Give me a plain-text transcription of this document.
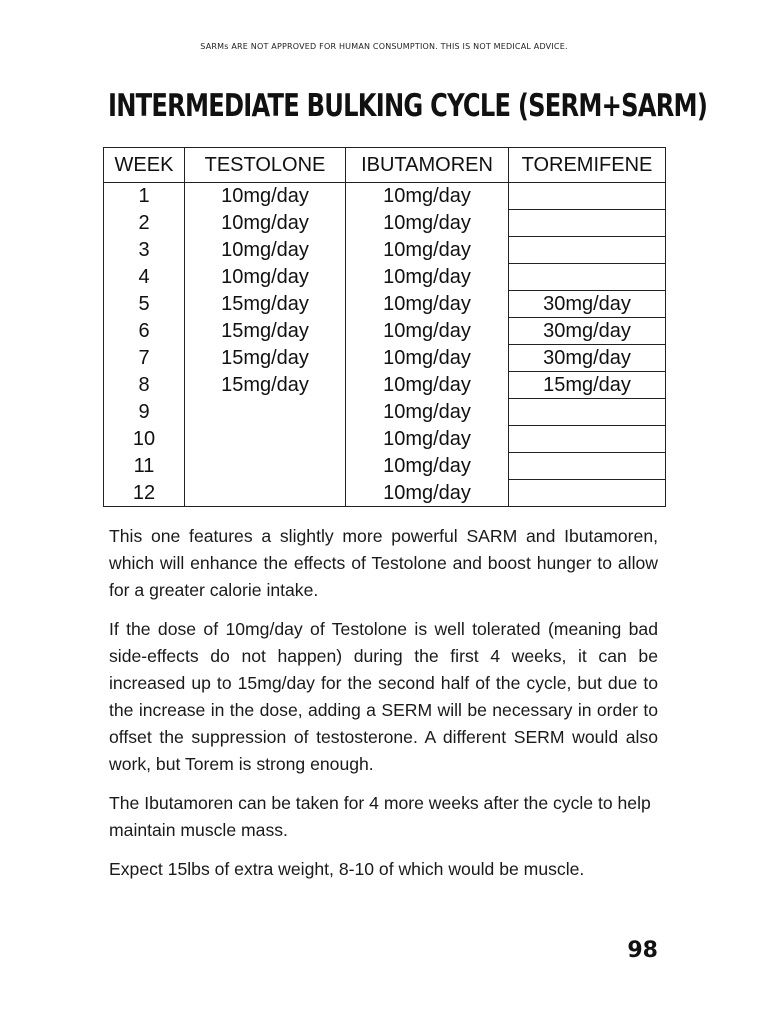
SARMs ARE NOT APPROVED FOR HUMAN CONSUMPTION. THIS IS NOT MEDICAL ADVICE.
INTERMEDIATE BULKING CYCLE (SERM+SARM)
WEEK	TESTOLONE	IBUTAMOREN	TOREMIFENE
1	10mg/day	10mg/day	
2	10mg/day	10mg/day	
3	10mg/day	10mg/day	
4	10mg/day	10mg/day	
5	15mg/day	10mg/day	30mg/day
6	15mg/day	10mg/day	30mg/day
7	15mg/day	10mg/day	30mg/day
8	15mg/day	10mg/day	15mg/day
9		10mg/day	
10		10mg/day	
11		10mg/day	
12		10mg/day	

This one features a slightly more powerful SARM and Ibutamoren, which will enhance the effects of Testolone and boost hunger to allow for a greater calorie intake.

If the dose of 10mg/day of Testolone is well tolerated (meaning bad side-effects do not happen) during the first 4 weeks, it can be increased up to 15mg/day for the second half of the cycle, but due to the increase in the dose, adding a SERM will be necessary in order to offset the suppression of testosterone. A different SERM would also work, but Torem is strong enough.

The Ibutamoren can be taken for 4 more weeks after the cycle to help maintain muscle mass.

Expect 15lbs of extra weight, 8-10 of which would be muscle.

98
